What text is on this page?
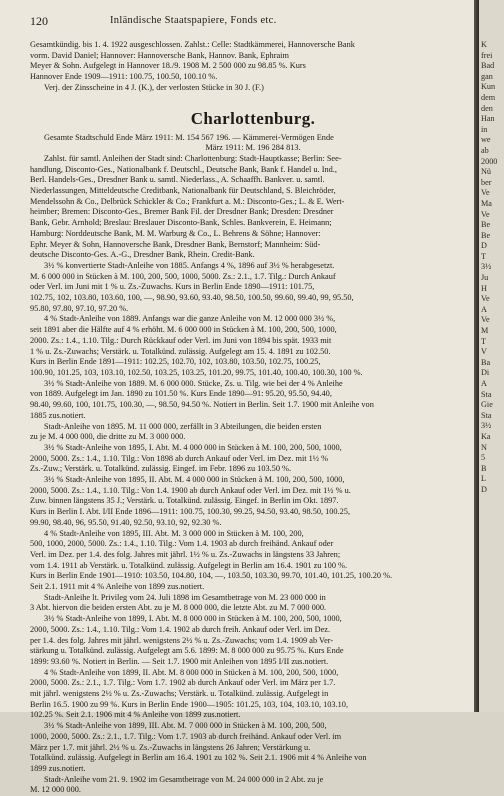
120	Inländische Staatspapiere, Fonds etc.
Gesamtkündig. bis 1. 4. 1922 ausgeschlossen. Zahlst.: Celle: Stadtkämmerei, Hannoversche Bank
vorm. David Daniel; Hannover: Hannoversche Bank, Hannov. Bank, Ephraim
Meyer & Sohn. Aufgelegt in Hannover 18./9. 1908 M. 2 500 000 zu 98.85 %. Kurs
Hannover Ende 1909—1911: 100.75, 100.50, 100.10 %.
Verj. der Zinsscheine in 4 J. (K.), der verlosten Stücke in 30 J. (F.)
Charlottenburg.
Gesamte Stadtschuld Ende März 1911: M. 154 567 196. — Kämmerei-Vermögen Ende
März 1911: M. 196 284 813.
Zahlst. für samtl. Anleihen der Stadt sind: Charlottenburg: Stadt-Hauptkasse; Berlin: See-
handlung, Disconto-Ges., Nationalbank f. Deutschl., Deutsche Bank, Bank f. Handel u. Ind.,
Berl. Handels-Ges., Dresdner Bank u. samtl. Niederlass., A. Schaaffh. Bankver. u. samtl.
Niederlassungen, Mitteldeutsche Creditbank, Nationalbank für Deutschland, S. Bleichröder,
Mendelssohn & Co., Delbrück Schickler & Co.; Frankfurt a. M.: Disconto-Ges.; L. & E. Wert-
heimber; Bremen: Disconto-Ges., Bremer Bank Fil. der Dresdner Bank; Dresden: Dresdner
Bank, Gebr. Arnhold; Breslau: Breslauer Disconto-Bank, Schles. Bankverein, E. Heimann;
Hamburg: Norddeutsche Bank, M. M. Warburg & Co., L. Behrens & Söhne; Hannover:
Ephr. Meyer & Sohn, Hannoversche Bank, Dresdner Bank, Bernstorf; Mannheim: Süd-
deutsche Disconto-Ges. A.-G., Dresdner Bank, Rhein. Credit-Bank.
3½ % konvertierte Stadt-Anleihe von 1885. Anfangs 4 %, 1896 auf 3½ % herabgesetzt.
M. 6 000 000 in Stücken à M. 100, 200, 500, 1000, 5000. Zs.: 2.1., 1.7. Tilg.: Durch Ankauf
oder Verl. im Juni mit 1 % u. Zs.-Zuwachs. Kurs in Berlin Ende 1890—1911: 101.75,
102.75, 102, 103.80, 103.60, 100, —, 98.90, 93.60, 93.40, 98.50, 100.50, 99.60, 99.40, 99, 95.50,
95.80, 97.80, 97.10, 97.20 %.
4 % Stadt-Anleihe von 1889. Anfangs war die ganze Anleihe von M. 12 000 000 3½ %,
seit 1891 aber die Hälfte auf 4 % erhöht. M. 6 000 000 in Stücken à M. 100, 200, 500, 1000,
2000. Zs.: 1.4., 1.10. Tilg.: Durch Rückkauf oder Verl. im Juni von 1894 bis spät. 1933 mit
1 % u. Zs.-Zuwachs; Verstärk. u. Totalkünd. zulässig. Aufgelegt am 15. 4. 1891 zu 102.50.
Kurs in Berlin Ende 1891—1911: 102.25, 102.70, 102, 103.80, 103.50, 102.75, 100.25,
100.90, 101.25, 103, 103.10, 102.50, 103.25, 103.25, 101.20, 99.75, 101.40, 100.40, 100.30, 100 %.
3½ % Stadt-Anleihe von 1889. M. 6 000 000. Stücke, Zs. u. Tilg. wie bei der 4 % Anleihe
von 1889. Aufgelegt im Jan. 1890 zu 101.50 %. Kurs Ende 1890—91: 95.20, 95.50, 94.40,
98.40, 99.60, 100, 101.75, 100.30, —, 98.50, 94.50 %. Notiert in Berlin. Seit 1.7. 1900 mit Anleihe von
1885 zus.notiert.
Stadt-Anleihe von 1895. M. 11 000 000, zerfällt in 3 Abteilungen, die beiden ersten
zu je M. 4 000 000, die dritte zu M. 3 000 000.
3½ % Stadt-Anleihe von 1895, I. Abt. M. 4 000 000 in Stücken à M. 100, 200, 500, 1000,
2000, 5000. Zs.: 1.4., 1.10. Tilg.: Von 1898 ab durch Ankauf oder Verl. im Dez. mit 1½ %
Zs.-Zuw.; Verstärk. u. Totalkünd. zulässig. Eingef. im Febr. 1896 zu 103.50 %.
3½ % Stadt-Anleihe von 1895, II. Abt. M. 4 000 000 in Stücken à M. 100, 200, 500, 1000,
2000, 5000. Zs.: 1.4., 1.10. Tilg.: Von 1.4. 1900 ab durch Ankauf oder Verl. im Dez. mit 1½ % u.
Zuw. binnen längstens 35 J.; Verstärk. u. Totalkünd. zulässig. Eingef. in Berlin im Okt. 1897.
Kurs in Berlin I. Abt. I/II Ende 1896—1911: 100.75, 100.30, 99.25, 94.50, 93.40, 98.50, 100.25,
99.90, 98.40, 96, 95.50, 91.40, 92.50, 93.10, 92, 92.30 %.
4 % Stadt-Anleihe von 1895, III. Abt. M. 3 000 000 in Stücken à M. 100, 200,
500, 1000, 2000, 5000. Zs.: 1.4., 1.10. Tilg.: Vom 1.4. 1903 ab durch freihänd. Ankauf oder
Verl. im Dez. per 1.4. des folg. Jahres mit jährl. 1½ % u. Zs.-Zuwachs in längstens 33 Jahren;
vom 1.4. 1911 ab Verstärk. u. Totalkünd. zulässig. Aufgelegt in Berlin am 16.4. 1901 zu 100 %.
Kurs in Berlin Ende 1901—1910: 103.50, 104.80, 104, —, 103.50, 103.30, 99.70, 101.40, 101.25, 100.20 %.
Seit 2.1. 1911 mit 4 % Anleihe von 1899 zus.notiert.
Stadt-Anleihe lt. Privileg vom 24. Juli 1898 im Gesamtbetrage von M. 23 000 000 in
3 Abt. hiervon die beiden ersten Abt. zu je M. 8 000 000, die letzte Abt. zu M. 7 000 000.
3½ % Stadt-Anleihe von 1899, I. Abt. M. 8 000 000 in Stücken à M. 100, 200, 500, 1000,
2000, 5000. Zs.: 1.4., 1.10. Tilg.: Vom 1.4. 1902 ab durch freih. Ankauf oder Verl. im Dez.
per 1.4. des folg. Jahres mit jährl. wenigstens 2½ % u. Zs.-Zuwachs; vom 1.4. 1909 ab Ver-
stärkung u. Totalkünd. zulässig. Aufgelegt am 5.6. 1899: M. 8 000 000 zu 95.75 %. Kurs Ende
1899: 93.60 %. Notiert in Berlin. — Seit 1.7. 1900 mit Anleihen von 1895 I/II zus.notiert.
4 % Stadt-Anleihe von 1899, II. Abt. M. 8 000 000 in Stücken à M. 100, 200, 500, 1000,
2000, 5000. Zs.: 2.1., 1.7. Tilg.: Vom 1.7. 1902 ab durch Ankauf oder Verl. im März per 1.7.
mit jährl. wenigstens 2½ % u. Zs.-Zuwachs; Verstärk. u. Totalkünd. zulässig. Aufgelegt in
Berlin 16.5. 1900 zu 99 %. Kurs in Berlin Ende 1900—1905: 101.25, 103, 104, 103.10, 103.10,
102.25 %. Seit 2.1. 1906 mit 4 % Anleihe von 1899 zus.notiert.
3½ % Stadt-Anleihe von 1899, III. Abt. M. 7 000 000 in Stücken à M. 100, 200, 500,
1000, 2000, 5000. Zs.: 2.1., 1.7. Tilg.: Vom 1.7. 1903 ab durch freihänd. Ankauf oder Verl. im
März per 1.7. mit jährl. 2½ % u. Zs.-Zuwachs in längstens 26 Jahren; Verstärkung u.
Totalkünd. zulässig. Aufgelegt in Berlin am 16.4. 1901 zu 102 %. Seit 2.1. 1906 mit 4 % Anleihe von
1899 zus.notiert.
Stadt-Anleihe vom 21. 9. 1902 im Gesamtbetrage von M. 24 000 000 in 2 Abt. zu je
M. 12 000 000.
K
frei
Bad
gan
Kun
dem
den
Han
in
we
ab
2000
Nü
ber
Ve
Ma
Ve
Be
Be
D
T
3½
Ju
H
Ve
A
Ve
M
T
V
Ba
Di
A
Sta
Gie
Sta
3½
Ka
N
5
B
L
D
